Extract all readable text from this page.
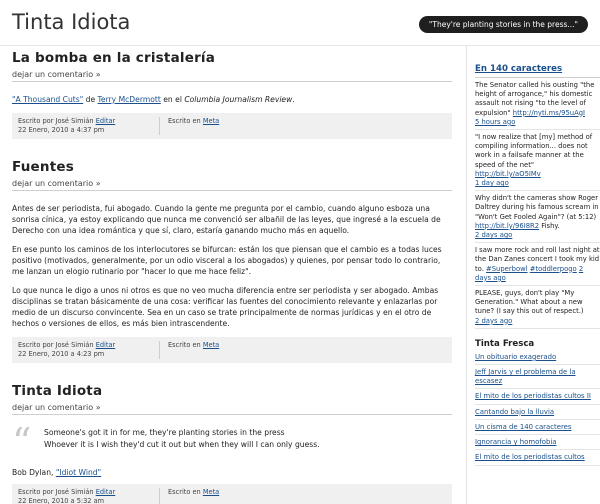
Tinta Idiota	"They're planting stories in the press..."
La bomba en la cristalería
dejar un comentario »

"A Thousand Cuts" de Terry McDermott en el Columbia Journalism Review.

Escrito por José Simián Editar
22 Enero, 2010 a 4:37 pm
Escrito en Meta
Fuentes
dejar un comentario »

Antes de ser periodista, fui abogado. Cuando la gente me pregunta por el cambio, cuando alguno esboza una sonrisa cínica, ya estoy explicando que nunca me convenció ser albañil de las leyes, que ingresé a la escuela de Derecho con una idea romántica y que sí, claro, estaría ganando mucho más en aquello.

En ese punto los caminos de los interlocutores se bifurcan: están los que piensan que el cambio es a todas luces positivo (motivados, generalmente, por un odio visceral a los abogados) y quienes, por pensar todo lo contrario, me lanzan un elogio rutinario por "hacer lo que me hace feliz".

Lo que nunca le digo a unos ni otros es que no veo mucha diferencia entre ser periodista y ser abogado. Ambas disciplinas se tratan básicamente de una cosa: verificar las fuentes del conocimiento relevante y enlazarlas por medio de un discurso convincente. Sea en un caso se trate principalmente de normas jurídicas y en el otro de hechos o versiones de ellos, es más bien intrascendente.

Escrito por José Simián Editar
22 Enero, 2010 a 4:23 pm
Escrito en Meta
Tinta Idiota
dejar un comentario »
“	Someone's got it in for me, they're planting stories in the press
Whoever it is I wish they'd cut it out but when they will I can only guess.

Bob Dylan, "Idiot Wind"

Escrito por José Simián Editar
22 Enero, 2010 a 5:32 am
Escrito en Meta
En 140 caracteres
The Senator called his ousting "the height of arrogance," his domestic assault not rising "to the level of expulsion" http://nyti.ms/95uAgI
5 hours ago
"I now realize that [my] method of compiling information... does not work in a failsafe manner at the speed of the net" http://bit.ly/aO5IMv
1 day ago
Why didn't the cameras show Roger Daltrey during his famous scream in "Won't Get Fooled Again"? (at 5:12) http://bit.ly/96I8R2 Fishy.
2 days ago
I saw more rock and roll last night at the Dan Zanes concert I took my kid to. #Superbowl #toddlerpogo 2 days ago
PLEASE, guys, don't play "My Generation." What about a new tune? (I say this out of respect.)
2 days ago
Tinta Fresca
Un obituario exagerado
Jeff Jarvis y el problema de la escasez
El mito de los periodistas cultos II
Cantando bajo la lluvia
Un cisma de 140 caracteres
Ignorancia y homofobia
El mito de los periodistas cultos
